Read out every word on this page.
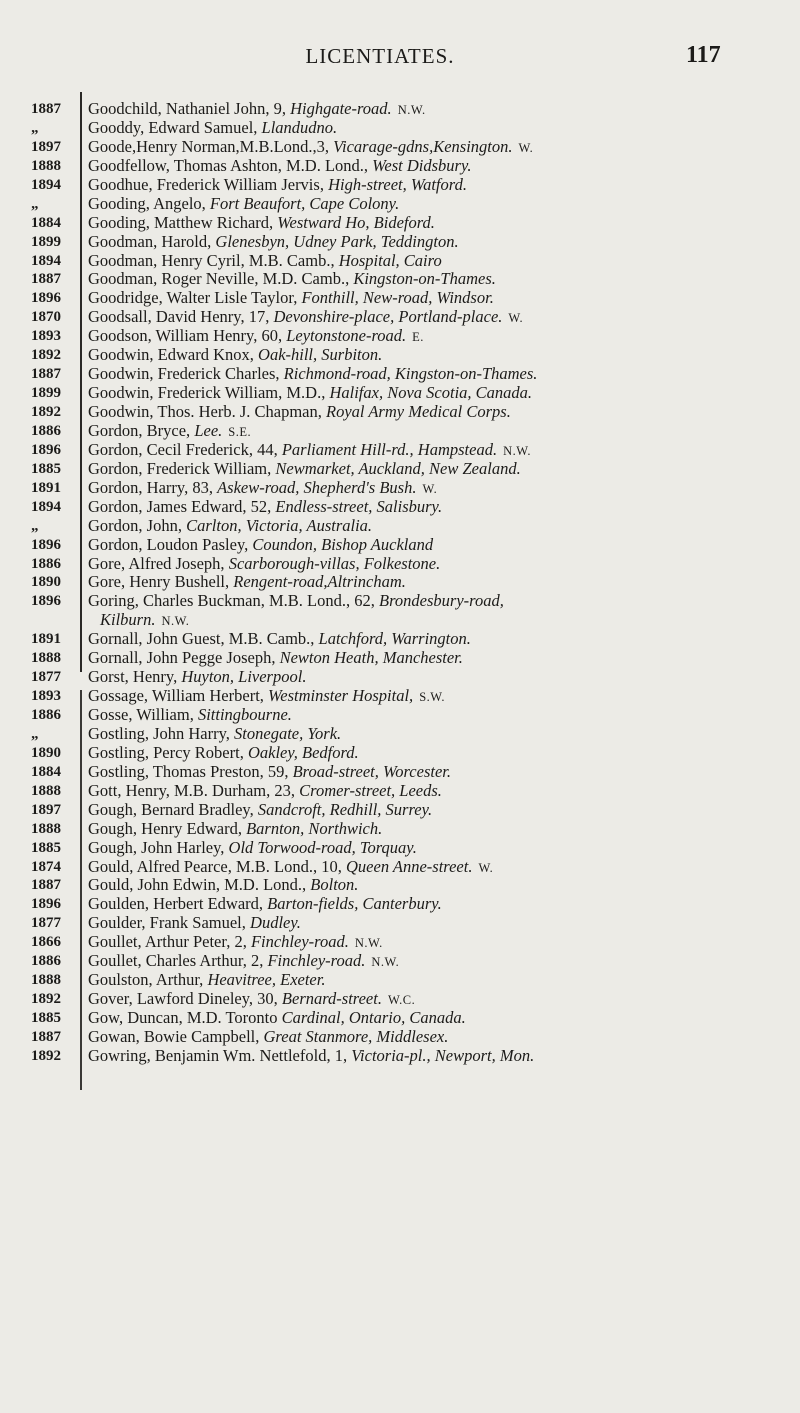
LICENTIATES.	117
1887
„
1897
1888
1894
„
1884
1899
1894
1887
1896
1870
1893
1892
1887
1899
1892
1886
1896
1885
1891
1894
„
1896
1886
1890
1896
1891
1888
1877
1893
1886
„
1890
1884
1888
1897
1888
1885
1874
1887
1896
1877
1866
1886
1888
1892
1885
1887
1892
Goodchild, Nathaniel John, 9, Highgate-road. N.W.
Gooddy, Edward Samuel, Llandudno.
Goode,Henry Norman,M.B.Lond.,3, Vicarage-gdns,Kensington. W.
Goodfellow, Thomas Ashton, M.D. Lond., West Didsbury.
Goodhue, Frederick William Jervis, High-street, Watford.
Gooding, Angelo, Fort Beaufort, Cape Colony.
Gooding, Matthew Richard, Westward Ho, Bideford.
Goodman, Harold, Glenesbyn, Udney Park, Teddington.
Goodman, Henry Cyril, M.B. Camb., Hospital, Cairo
Goodman, Roger Neville, M.D. Camb., Kingston-on-Thames.
Goodridge, Walter Lisle Taylor, Fonthill, New-road, Windsor.
Goodsall, David Henry, 17, Devonshire-place, Portland-place. W.
Goodson, William Henry, 60, Leytonstone-road. E.
Goodwin, Edward Knox, Oak-hill, Surbiton.
Goodwin, Frederick Charles, Richmond-road, Kingston-on-Thames.
Goodwin, Frederick William, M.D., Halifax, Nova Scotia, Canada.
Goodwin, Thos. Herb. J. Chapman, Royal Army Medical Corps.
Gordon, Bryce, Lee. S.E.
Gordon, Cecil Frederick, 44, Parliament Hill-rd., Hampstead. N.W.
Gordon, Frederick William, Newmarket, Auckland, New Zealand.
Gordon, Harry, 83, Askew-road, Shepherd's Bush. W.
Gordon, James Edward, 52, Endless-street, Salisbury.
Gordon, John, Carlton, Victoria, Australia.
Gordon, Loudon Pasley, Coundon, Bishop Auckland
Gore, Alfred Joseph, Scarborough-villas, Folkestone.
Gore, Henry Bushell, Rengent-road,Altrincham.
Goring, Charles Buckman, M.B. Lond., 62, Brondesbury-road,
Kilburn. N.W.
Gornall, John Guest, M.B. Camb., Latchford, Warrington.
Gornall, John Pegge Joseph, Newton Heath, Manchester.
Gorst, Henry, Huyton, Liverpool.
Gossage, William Herbert, Westminster Hospital, S.W.
Gosse, William, Sittingbourne.
Gostling, John Harry, Stonegate, York.
Gostling, Percy Robert, Oakley, Bedford.
Gostling, Thomas Preston, 59, Broad-street, Worcester.
Gott, Henry, M.B. Durham, 23, Cromer-street, Leeds.
Gough, Bernard Bradley, Sandcroft, Redhill, Surrey.
Gough, Henry Edward, Barnton, Northwich.
Gough, John Harley, Old Torwood-road, Torquay.
Gould, Alfred Pearce, M.B. Lond., 10, Queen Anne-street. W.
Gould, John Edwin, M.D. Lond., Bolton.
Goulden, Herbert Edward, Barton-fields, Canterbury.
Goulder, Frank Samuel, Dudley.
Goullet, Arthur Peter, 2, Finchley-road. N.W.
Goullet, Charles Arthur, 2, Finchley-road. N.W.
Goulston, Arthur, Heavitree, Exeter.
Gover, Lawford Dineley, 30, Bernard-street. W.C.
Gow, Duncan, M.D. Toronto Cardinal, Ontario, Canada.
Gowan, Bowie Campbell, Great Stanmore, Middlesex.
Gowring, Benjamin Wm. Nettlefold, 1, Victoria-pl., Newport, Mon.
